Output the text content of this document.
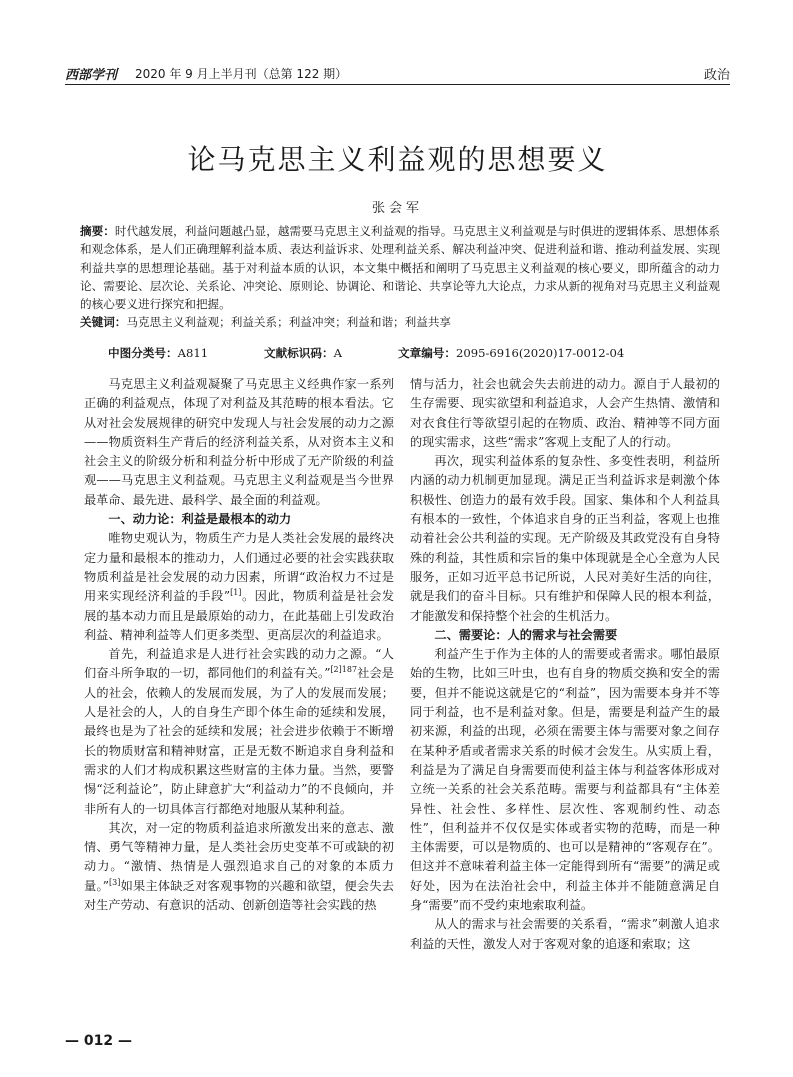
西部学刊 2020 年 9 月上半月刊（总第 122 期）	政治
论马克思主义利益观的思想要义
张会军
摘要：时代越发展，利益问题越凸显，越需要马克思主义利益观的指导。马克思主义利益观是与时俱进的逻辑体系、思想体系和观念体系，是人们正确理解利益本质、表达利益诉求、处理利益关系、解决利益冲突、促进利益和谐、推动利益发展、实现利益共享的思想理论基础。基于对利益本质的认识，本文集中概括和阐明了马克思主义利益观的核心要义，即所蕴含的动力论、需要论、层次论、关系论、冲突论、原则论、协调论、和谐论、共享论等九大论点，力求从新的视角对马克思主义利益观的核心要义进行探究和把握。
关键词：马克思主义利益观；利益关系；利益冲突；利益和谐；利益共享
中图分类号：A811	文献标识码：A	文章编号：2095-6916(2020)17-0012-04

马克思主义利益观凝聚了马克思主义经典作家一系列正确的利益观点，体现了对利益及其范畴的根本看法。它从对社会发展规律的研究中发现人与社会发展的动力之源——物质资料生产背后的经济利益关系，从对资本主义和社会主义的阶级分析和利益分析中形成了无产阶级的利益观——马克思主义利益观。马克思主义利益观是当今世界最革命、最先进、最科学、最全面的利益观。

一、动力论：利益是最根本的动力

唯物史观认为，物质生产力是人类社会发展的最终决定力量和最根本的推动力，人们通过必要的社会实践获取物质利益是社会发展的动力因素，所谓“政治权力不过是用来实现经济利益的手段”[1]。因此，物质利益是社会发展的基本动力而且是最原始的动力，在此基础上引发政治利益、精神利益等人们更多类型、更高层次的利益追求。

首先，利益追求是人进行社会实践的动力之源。“人们奋斗所争取的一切，都同他们的利益有关。”$^{[2]187}$社会是人的社会，依赖人的发展而发展，为了人的发展而发展；人是社会的人，人的自身生产即个体生命的延续和发展，最终也是为了社会的延续和发展；社会进步依赖于不断增长的物质财富和精神财富，正是无数不断追求自身利益和需求的人们才构成积累这些财富的主体力量。当然，要警惕“泛利益论”，防止肆意扩大“利益动力”的不良倾向，并非所有人的一切具体言行都绝对地服从某种利益。

其次，对一定的物质利益追求所激发出来的意志、激情、勇气等精神力量，是人类社会历史变革不可或缺的初动力。“激情、热情是人强烈追求自己的对象的本质力量。”[3]如果主体缺乏对客观事物的兴趣和欲望，便会失去对生产劳动、有意识的活动、创新创造等社会实践的热

情与活力，社会也就会失去前进的动力。源自于人最初的生存需要、现实欲望和利益追求，人会产生热情、激情和对衣食住行等欲望引起的在物质、政治、精神等不同方面的现实需求，这些“需求”客观上支配了人的行动。

再次，现实利益体系的复杂性、多变性表明，利益所内涵的动力机制更加显现。满足正当利益诉求是刺激个体积极性、创造力的最有效手段。国家、集体和个人利益具有根本的一致性，个体追求自身的正当利益，客观上也推动着社会公共利益的实现。无产阶级及其政党没有自身特殊的利益，其性质和宗旨的集中体现就是全心全意为人民服务，正如习近平总书记所说，人民对美好生活的向往，就是我们的奋斗目标。只有维护和保障人民的根本利益，才能激发和保持整个社会的生机活力。

二、需要论：人的需求与社会需要

利益产生于作为主体的人的需要或者需求。哪怕最原始的生物，比如三叶虫，也有自身的物质交换和安全的需要，但并不能说这就是它的“利益”，因为需要本身并不等同于利益，也不是利益对象。但是，需要是利益产生的最初来源，利益的出现，必须在需要主体与需要对象之间存在某种矛盾或者需求关系的时候才会发生。从实质上看，利益是为了满足自身需要而使利益主体与利益客体形成对立统一关系的社会关系范畴。需要与利益都具有“主体差异性、社会性、多样性、层次性、客观制约性、动态性”，但利益并不仅仅是实体或者实物的范畴，而是一种主体需要，可以是物质的、也可以是精神的“客观存在”。但这并不意味着利益主体一定能得到所有“需要”的满足或好处，因为在法治社会中，利益主体并不能随意满足自身“需要”而不受约束地索取利益。

从人的需求与社会需要的关系看，“需求”刺激人追求利益的天性，激发人对于客观对象的追逐和索取；这

— 012 —
